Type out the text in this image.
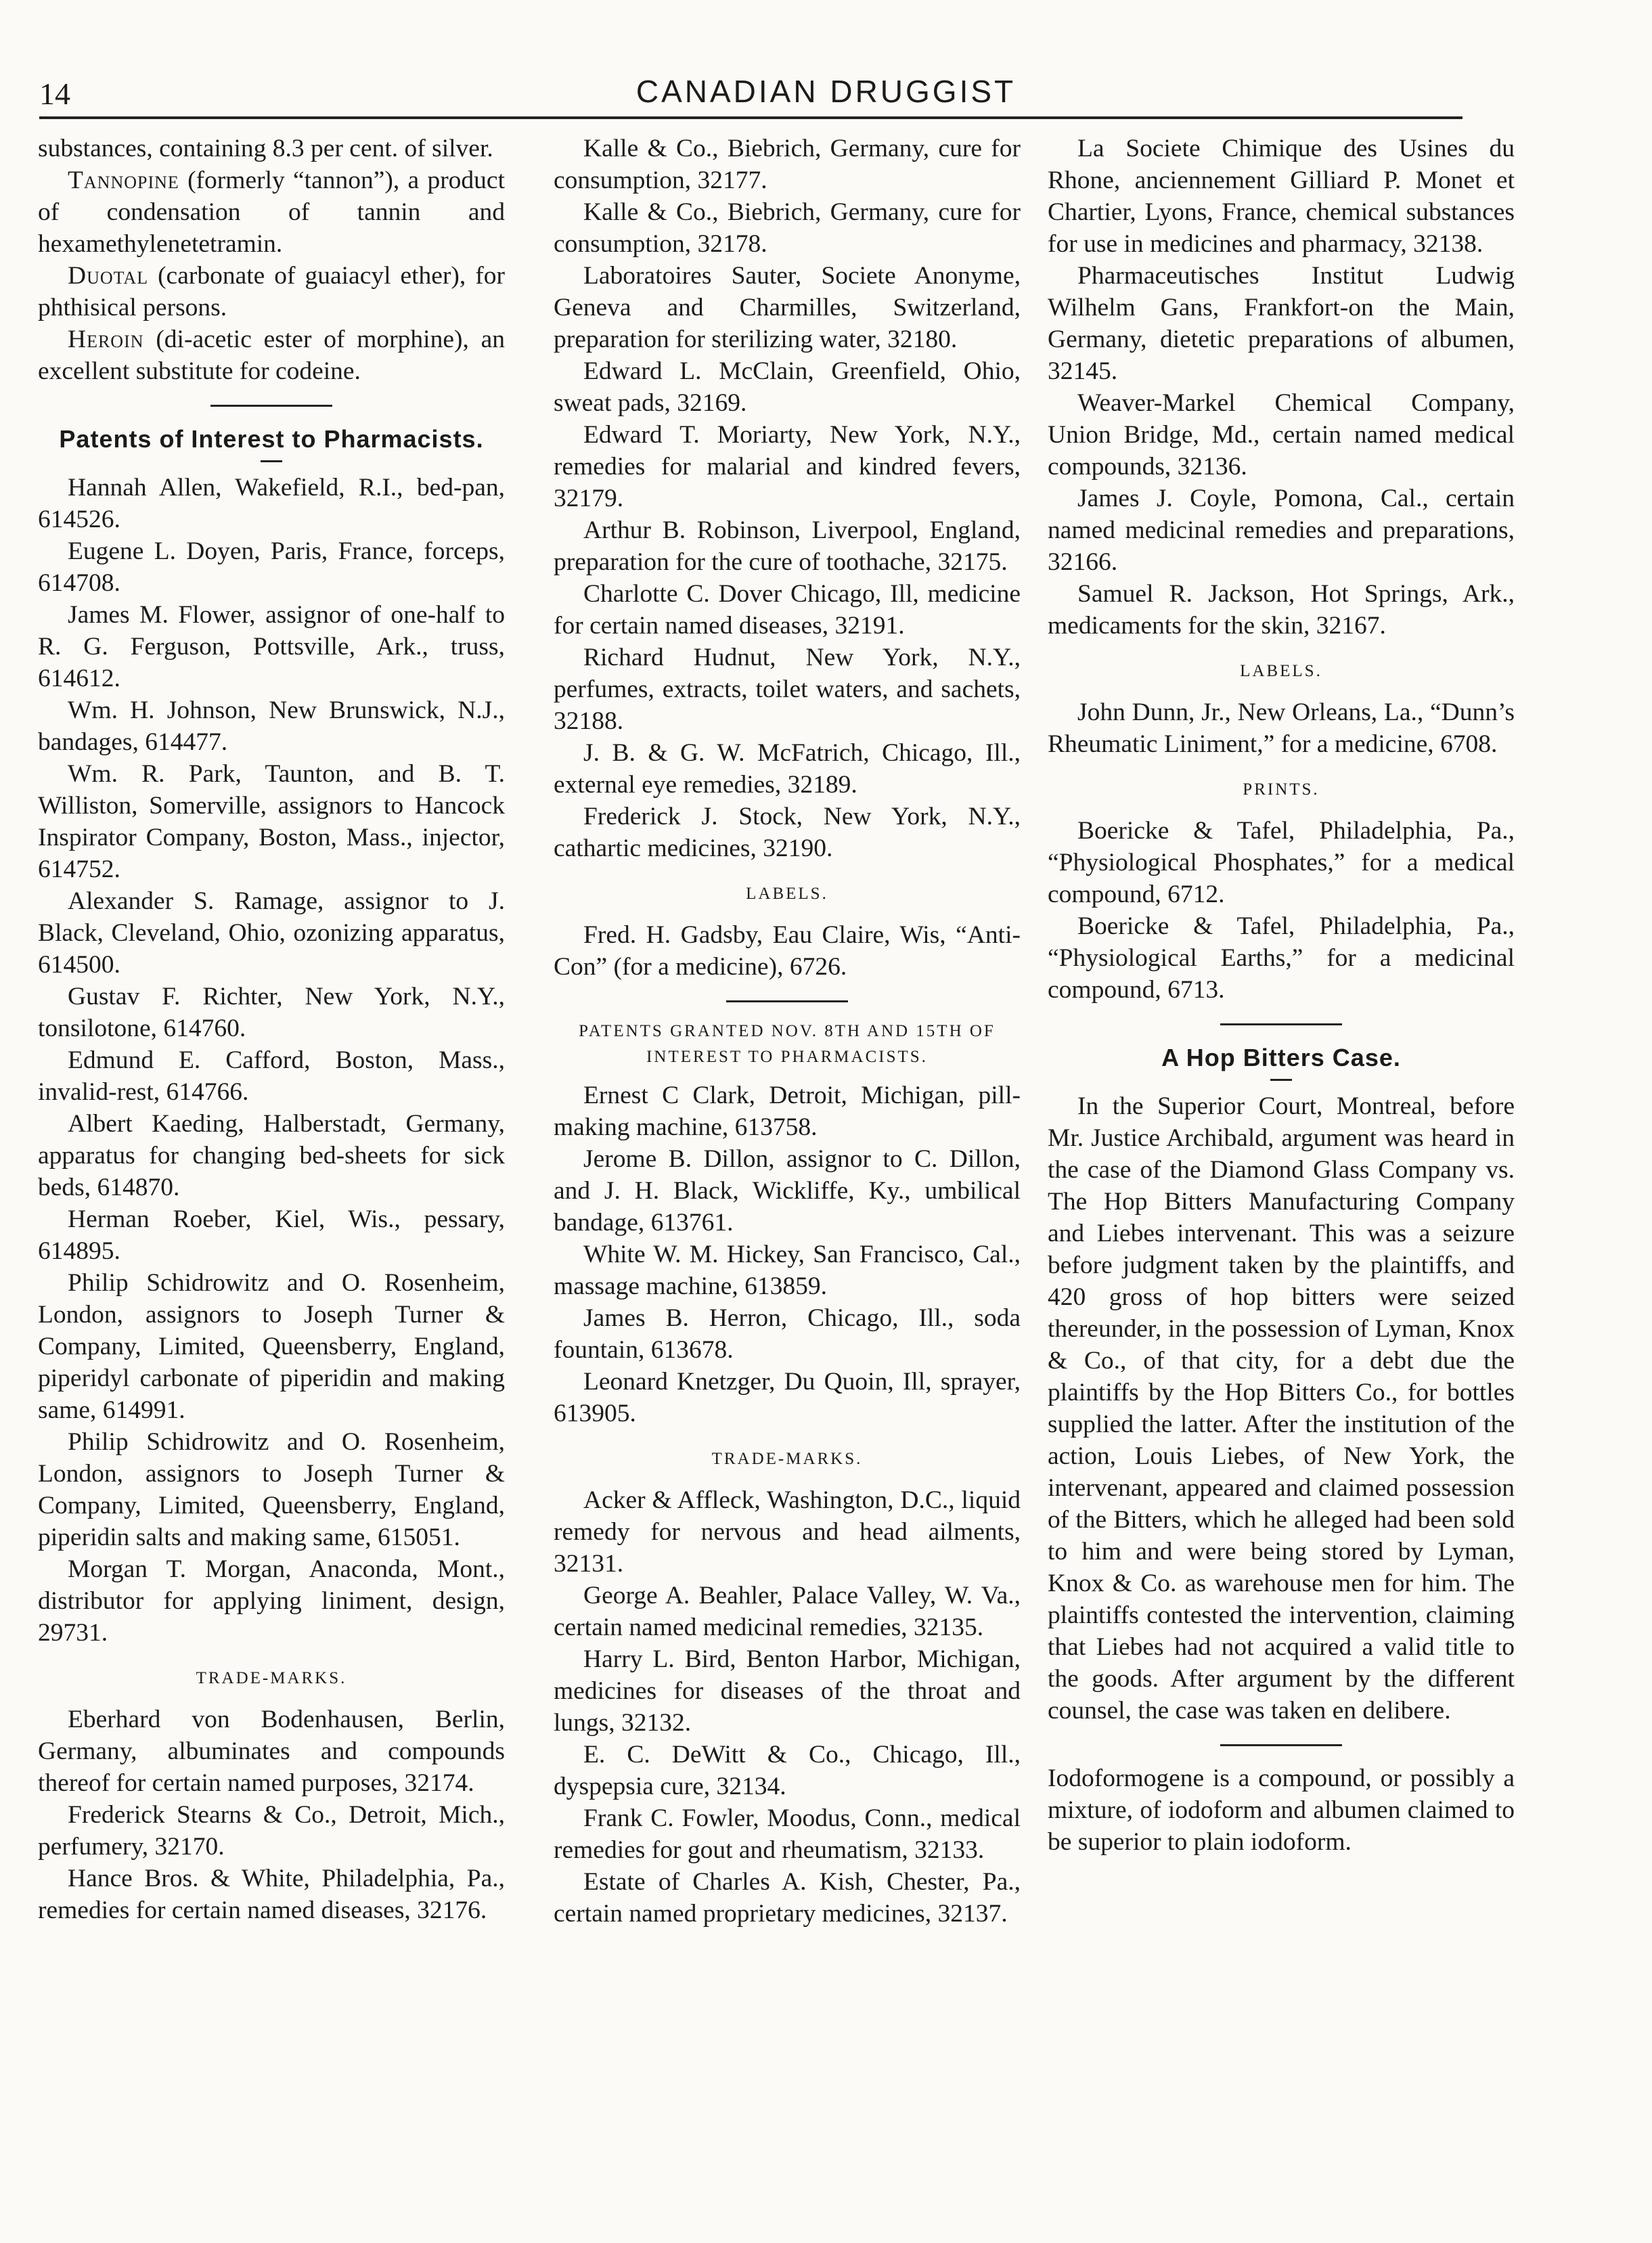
14	CANADIAN DRUGGIST

substances, containing 8.3 per cent. of silver.

Tannopine (formerly “tannon”), a product of condensation of tannin and hexamethylenetetramin.

Duotal (carbonate of guaiacyl ether), for phthisical persons.

Heroin (di-acetic ester of morphine), an excellent substitute for codeine.

Patents of Interest to Pharmacists.

Hannah Allen, Wakefield, R.I., bed-pan, 614526.

Eugene L. Doyen, Paris, France, forceps, 614708.

James M. Flower, assignor of one-half to R. G. Ferguson, Pottsville, Ark., truss, 614612.

Wm. H. Johnson, New Brunswick, N.J., bandages, 614477.

Wm. R. Park, Taunton, and B. T. Williston, Somerville, assignors to Hancock Inspirator Company, Boston, Mass., injector, 614752.

Alexander S. Ramage, assignor to J. Black, Cleveland, Ohio, ozonizing apparatus, 614500.

Gustav F. Richter, New York, N.Y., tonsilotone, 614760.

Edmund E. Cafford, Boston, Mass., invalid-rest, 614766.

Albert Kaeding, Halberstadt, Germany, apparatus for changing bed-sheets for sick beds, 614870.

Herman Roeber, Kiel, Wis., pessary, 614895.

Philip Schidrowitz and O. Rosenheim, London, assignors to Joseph Turner & Company, Limited, Queensberry, England, piperidyl carbonate of piperidin and making same, 614991.

Philip Schidrowitz and O. Rosenheim, London, assignors to Joseph Turner & Company, Limited, Queensberry, England, piperidin salts and making same, 615051.

Morgan T. Morgan, Anaconda, Mont., distributor for applying liniment, design, 29731.

TRADE-MARKS.

Eberhard von Bodenhausen, Berlin, Germany, albuminates and compounds thereof for certain named purposes, 32174.

Frederick Stearns & Co., Detroit, Mich., perfumery, 32170.

Hance Bros. & White, Philadelphia, Pa., remedies for certain named diseases, 32176.

Kalle & Co., Biebrich, Germany, cure for consumption, 32177.

Kalle & Co., Biebrich, Germany, cure for consumption, 32178.

Laboratoires Sauter, Societe Anonyme, Geneva and Charmilles, Switzerland, preparation for sterilizing water, 32180.

Edward L. McClain, Greenfield, Ohio, sweat pads, 32169.

Edward T. Moriarty, New York, N.Y., remedies for malarial and kindred fevers, 32179.

Arthur B. Robinson, Liverpool, England, preparation for the cure of toothache, 32175.

Charlotte C. Dover Chicago, Ill, medicine for certain named diseases, 32191.

Richard Hudnut, New York, N.Y., perfumes, extracts, toilet waters, and sachets, 32188.

J. B. & G. W. McFatrich, Chicago, Ill., external eye remedies, 32189.

Frederick J. Stock, New York, N.Y., cathartic medicines, 32190.

LABELS.

Fred. H. Gadsby, Eau Claire, Wis, “Anti-Con” (for a medicine), 6726.

PATENTS GRANTED NOV. 8TH AND 15TH OF INTEREST TO PHARMACISTS.

Ernest C Clark, Detroit, Michigan, pill-making machine, 613758.

Jerome B. Dillon, assignor to C. Dillon, and J. H. Black, Wickliffe, Ky., umbilical bandage, 613761.

White W. M. Hickey, San Francisco, Cal., massage machine, 613859.

James B. Herron, Chicago, Ill., soda fountain, 613678.

Leonard Knetzger, Du Quoin, Ill, sprayer, 613905.

TRADE-MARKS.

Acker & Affleck, Washington, D.C., liquid remedy for nervous and head ailments, 32131.

George A. Beahler, Palace Valley, W. Va., certain named medicinal remedies, 32135.

Harry L. Bird, Benton Harbor, Michigan, medicines for diseases of the throat and lungs, 32132.

E. C. DeWitt & Co., Chicago, Ill., dyspepsia cure, 32134.

Frank C. Fowler, Moodus, Conn., medical remedies for gout and rheumatism, 32133.

Estate of Charles A. Kish, Chester, Pa., certain named proprietary medicines, 32137.

La Societe Chimique des Usines du Rhone, anciennement Gilliard P. Monet et Chartier, Lyons, France, chemical substances for use in medicines and pharmacy, 32138.

Pharmaceutisches Institut Ludwig Wilhelm Gans, Frankfort-on the Main, Germany, dietetic preparations of albumen, 32145.

Weaver-Markel Chemical Company, Union Bridge, Md., certain named medical compounds, 32136.

James J. Coyle, Pomona, Cal., certain named medicinal remedies and preparations, 32166.

Samuel R. Jackson, Hot Springs, Ark., medicaments for the skin, 32167.

LABELS.

John Dunn, Jr., New Orleans, La., “Dunn’s Rheumatic Liniment,” for a medicine, 6708.

PRINTS.

Boericke & Tafel, Philadelphia, Pa., “Physiological Phosphates,” for a medical compound, 6712.

Boericke & Tafel, Philadelphia, Pa., “Physiological Earths,” for a medicinal compound, 6713.

A Hop Bitters Case.

In the Superior Court, Montreal, before Mr. Justice Archibald, argument was heard in the case of the Diamond Glass Company vs. The Hop Bitters Manufacturing Company and Liebes intervenant. This was a seizure before judgment taken by the plaintiffs, and 420 gross of hop bitters were seized thereunder, in the possession of Lyman, Knox & Co., of that city, for a debt due the plaintiffs by the Hop Bitters Co., for bottles supplied the latter. After the institution of the action, Louis Liebes, of New York, the intervenant, appeared and claimed possession of the Bitters, which he alleged had been sold to him and were being stored by Lyman, Knox & Co. as warehouse men for him. The plaintiffs contested the intervention, claiming that Liebes had not acquired a valid title to the goods. After argument by the different counsel, the case was taken en delibere.

Iodoformogene is a compound, or possibly a mixture, of iodoform and albumen claimed to be superior to plain iodoform.
